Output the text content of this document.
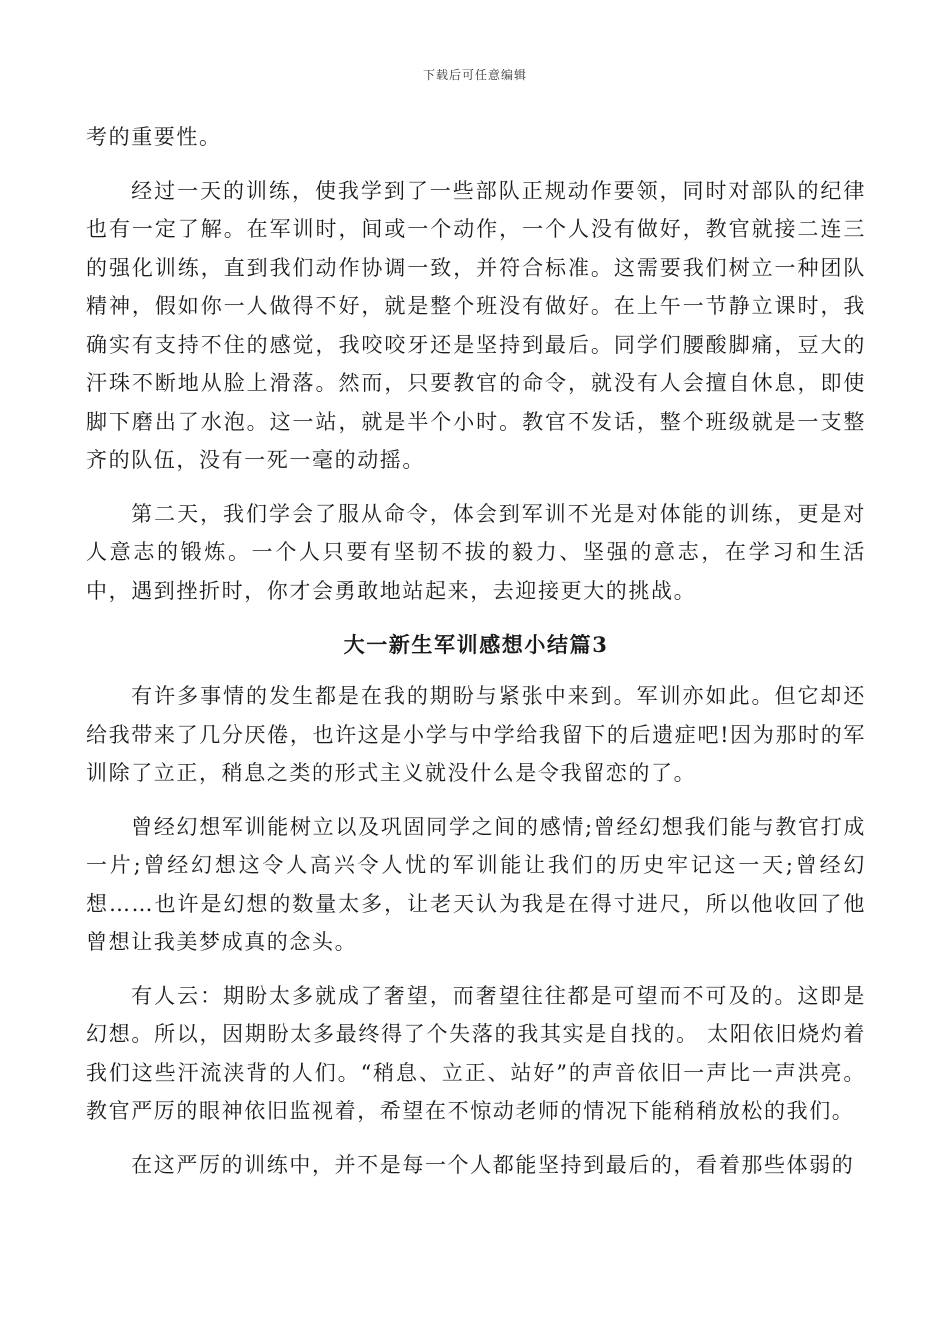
下载后可任意编辑

考的重要性。

经过一天的训练，使我学到了一些部队正规动作要领，同时对部队的纪律也有一定了解。在军训时，间或一个动作，一个人没有做好，教官就接二连三的强化训练，直到我们动作协调一致，并符合标准。这需要我们树立一种团队精神，假如你一人做得不好，就是整个班没有做好。在上午一节静立课时，我确实有支持不住的感觉，我咬咬牙还是坚持到最后。同学们腰酸脚痛，豆大的汗珠不断地从脸上滑落。然而，只要教官的命令，就没有人会擅自休息，即使脚下磨出了水泡。这一站，就是半个小时。教官不发话，整个班级就是一支整齐的队伍，没有一死一毫的动摇。

第二天，我们学会了服从命令，体会到军训不光是对体能的训练，更是对人意志的锻炼。一个人只要有坚韧不拔的毅力、坚强的意志，在学习和生活中，遇到挫折时，你才会勇敢地站起来，去迎接更大的挑战。

大一新生军训感想小结篇3

有许多事情的发生都是在我的期盼与紧张中来到。军训亦如此。但它却还给我带来了几分厌倦，也许这是小学与中学给我留下的后遗症吧!因为那时的军训除了立正，稍息之类的形式主义就没什么是令我留恋的了。

曾经幻想军训能树立以及巩固同学之间的感情;曾经幻想我们能与教官打成一片;曾经幻想这令人高兴令人忧的军训能让我们的历史牢记这一天;曾经幻想……也许是幻想的数量太多，让老天认为我是在得寸进尺，所以他收回了他曾想让我美梦成真的念头。

有人云：期盼太多就成了奢望，而奢望往往都是可望而不可及的。这即是幻想。所以，因期盼太多最终得了个失落的我其实是自找的。 太阳依旧烧灼着我们这些汗流浃背的人们。“稍息、立正、站好”的声音依旧一声比一声洪亮。教官严厉的眼神依旧监视着，希望在不惊动老师的情况下能稍稍放松的我们。

在这严厉的训练中，并不是每一个人都能坚持到最后的，看着那些体弱的
